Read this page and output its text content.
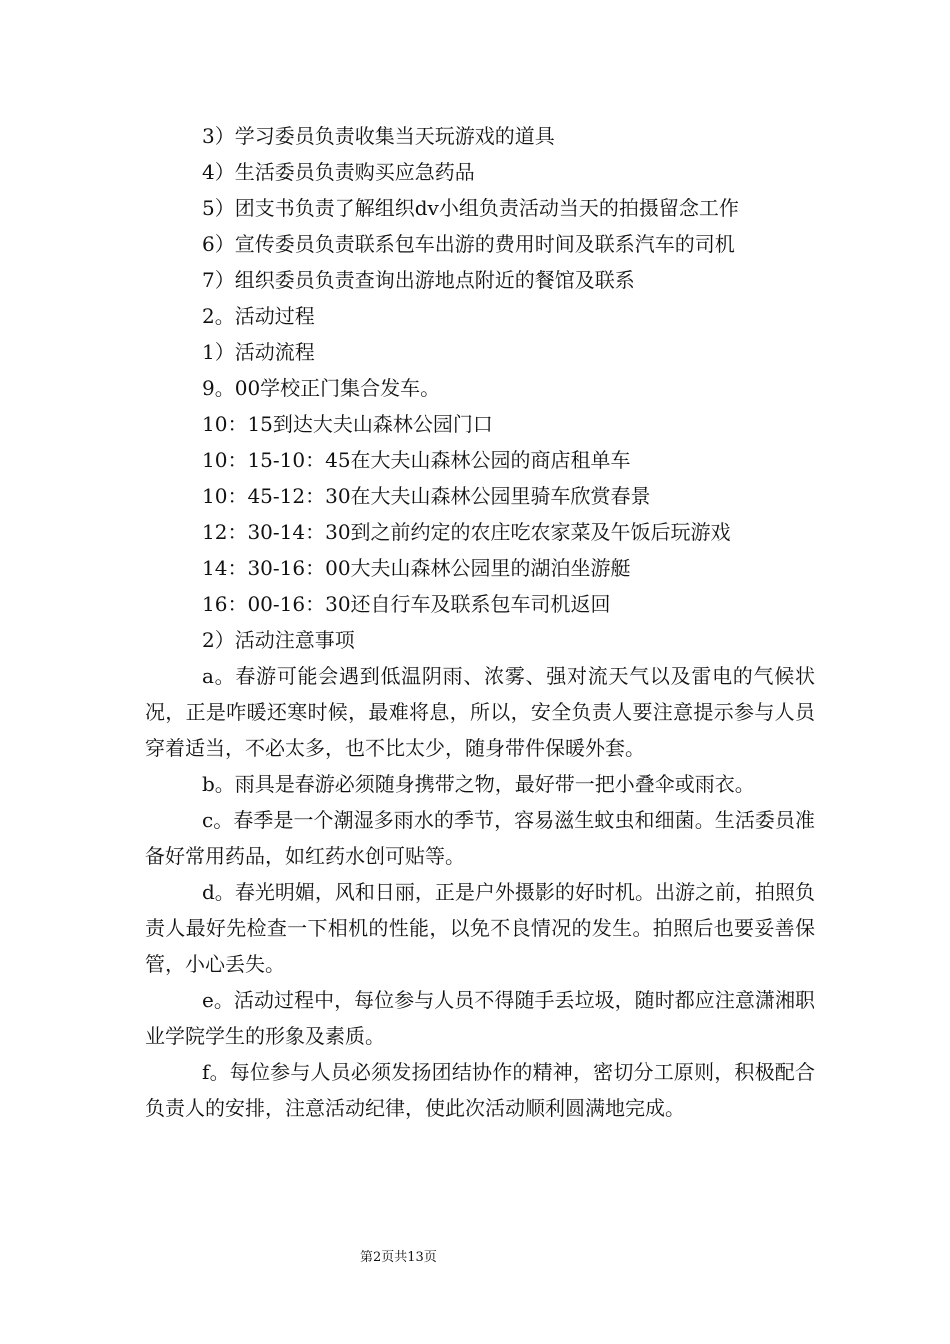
3）学习委员负责收集当天玩游戏的道具
4）生活委员负责购买应急药品
5）团支书负责了解组织dv小组负责活动当天的拍摄留念工作
6）宣传委员负责联系包车出游的费用时间及联系汽车的司机
7）组织委员负责查询出游地点附近的餐馆及联系
2。活动过程
1）活动流程
9。00学校正门集合发车。
10：15到达大夫山森林公园门口
10：15-10：45在大夫山森林公园的商店租单车
10：45-12：30在大夫山森林公园里骑车欣赏春景
12：30-14：30到之前约定的农庄吃农家菜及午饭后玩游戏
14：30-16：00大夫山森林公园里的湖泊坐游艇
16：00-16：30还自行车及联系包车司机返回
2）活动注意事项

a。春游可能会遇到低温阴雨、浓雾、强对流天气以及雷电的气候状况，正是咋暖还寒时候，最难将息，所以，安全负责人要注意提示参与人员穿着适当，不必太多，也不比太少，随身带件保暖外套。

b。雨具是春游必须随身携带之物，最好带一把小叠伞或雨衣。

c。春季是一个潮湿多雨水的季节，容易滋生蚊虫和细菌。生活委员准备好常用药品，如红药水创可贴等。

d。春光明媚，风和日丽，正是户外摄影的好时机。出游之前，拍照负责人最好先检查一下相机的性能，以免不良情况的发生。拍照后也要妥善保管，小心丢失。

e。活动过程中，每位参与人员不得随手丢垃圾，随时都应注意潇湘职业学院学生的形象及素质。

f。每位参与人员必须发扬团结协作的精神，密切分工原则，积极配合负责人的安排，注意活动纪律，使此次活动顺利圆满地完成。

第2页共13页
